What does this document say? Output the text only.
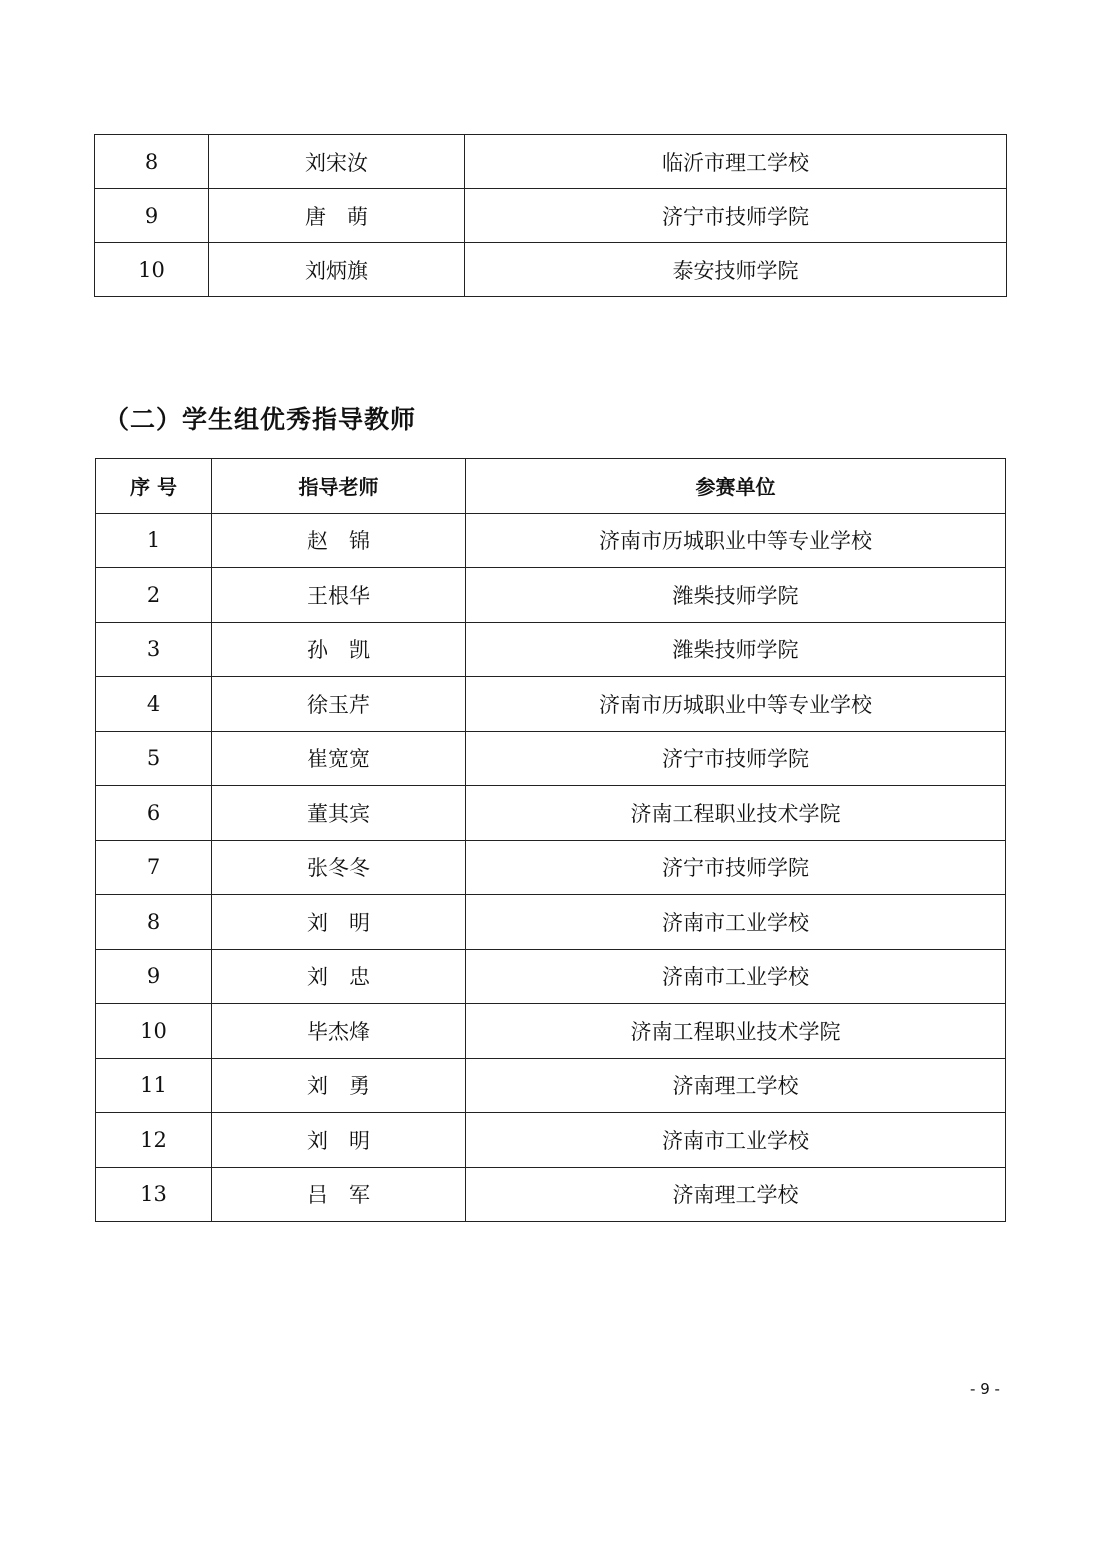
8	刘宋汝	临沂市理工学校
9	唐　萌	济宁市技师学院
10	刘炳旗	泰安技师学院
（二）学生组优秀指导教师
序 号	指导老师	参赛单位
1	赵　锦	济南市历城职业中等专业学校
2	王根华	潍柴技师学院
3	孙　凯	潍柴技师学院
4	徐玉芹	济南市历城职业中等专业学校
5	崔宽宽	济宁市技师学院
6	董其宾	济南工程职业技术学院
7	张冬冬	济宁市技师学院
8	刘　明	济南市工业学校
9	刘　忠	济南市工业学校
10	毕杰烽	济南工程职业技术学院
11	刘　勇	济南理工学校
12	刘　明	济南市工业学校
13	吕　军	济南理工学校
- 9 -
